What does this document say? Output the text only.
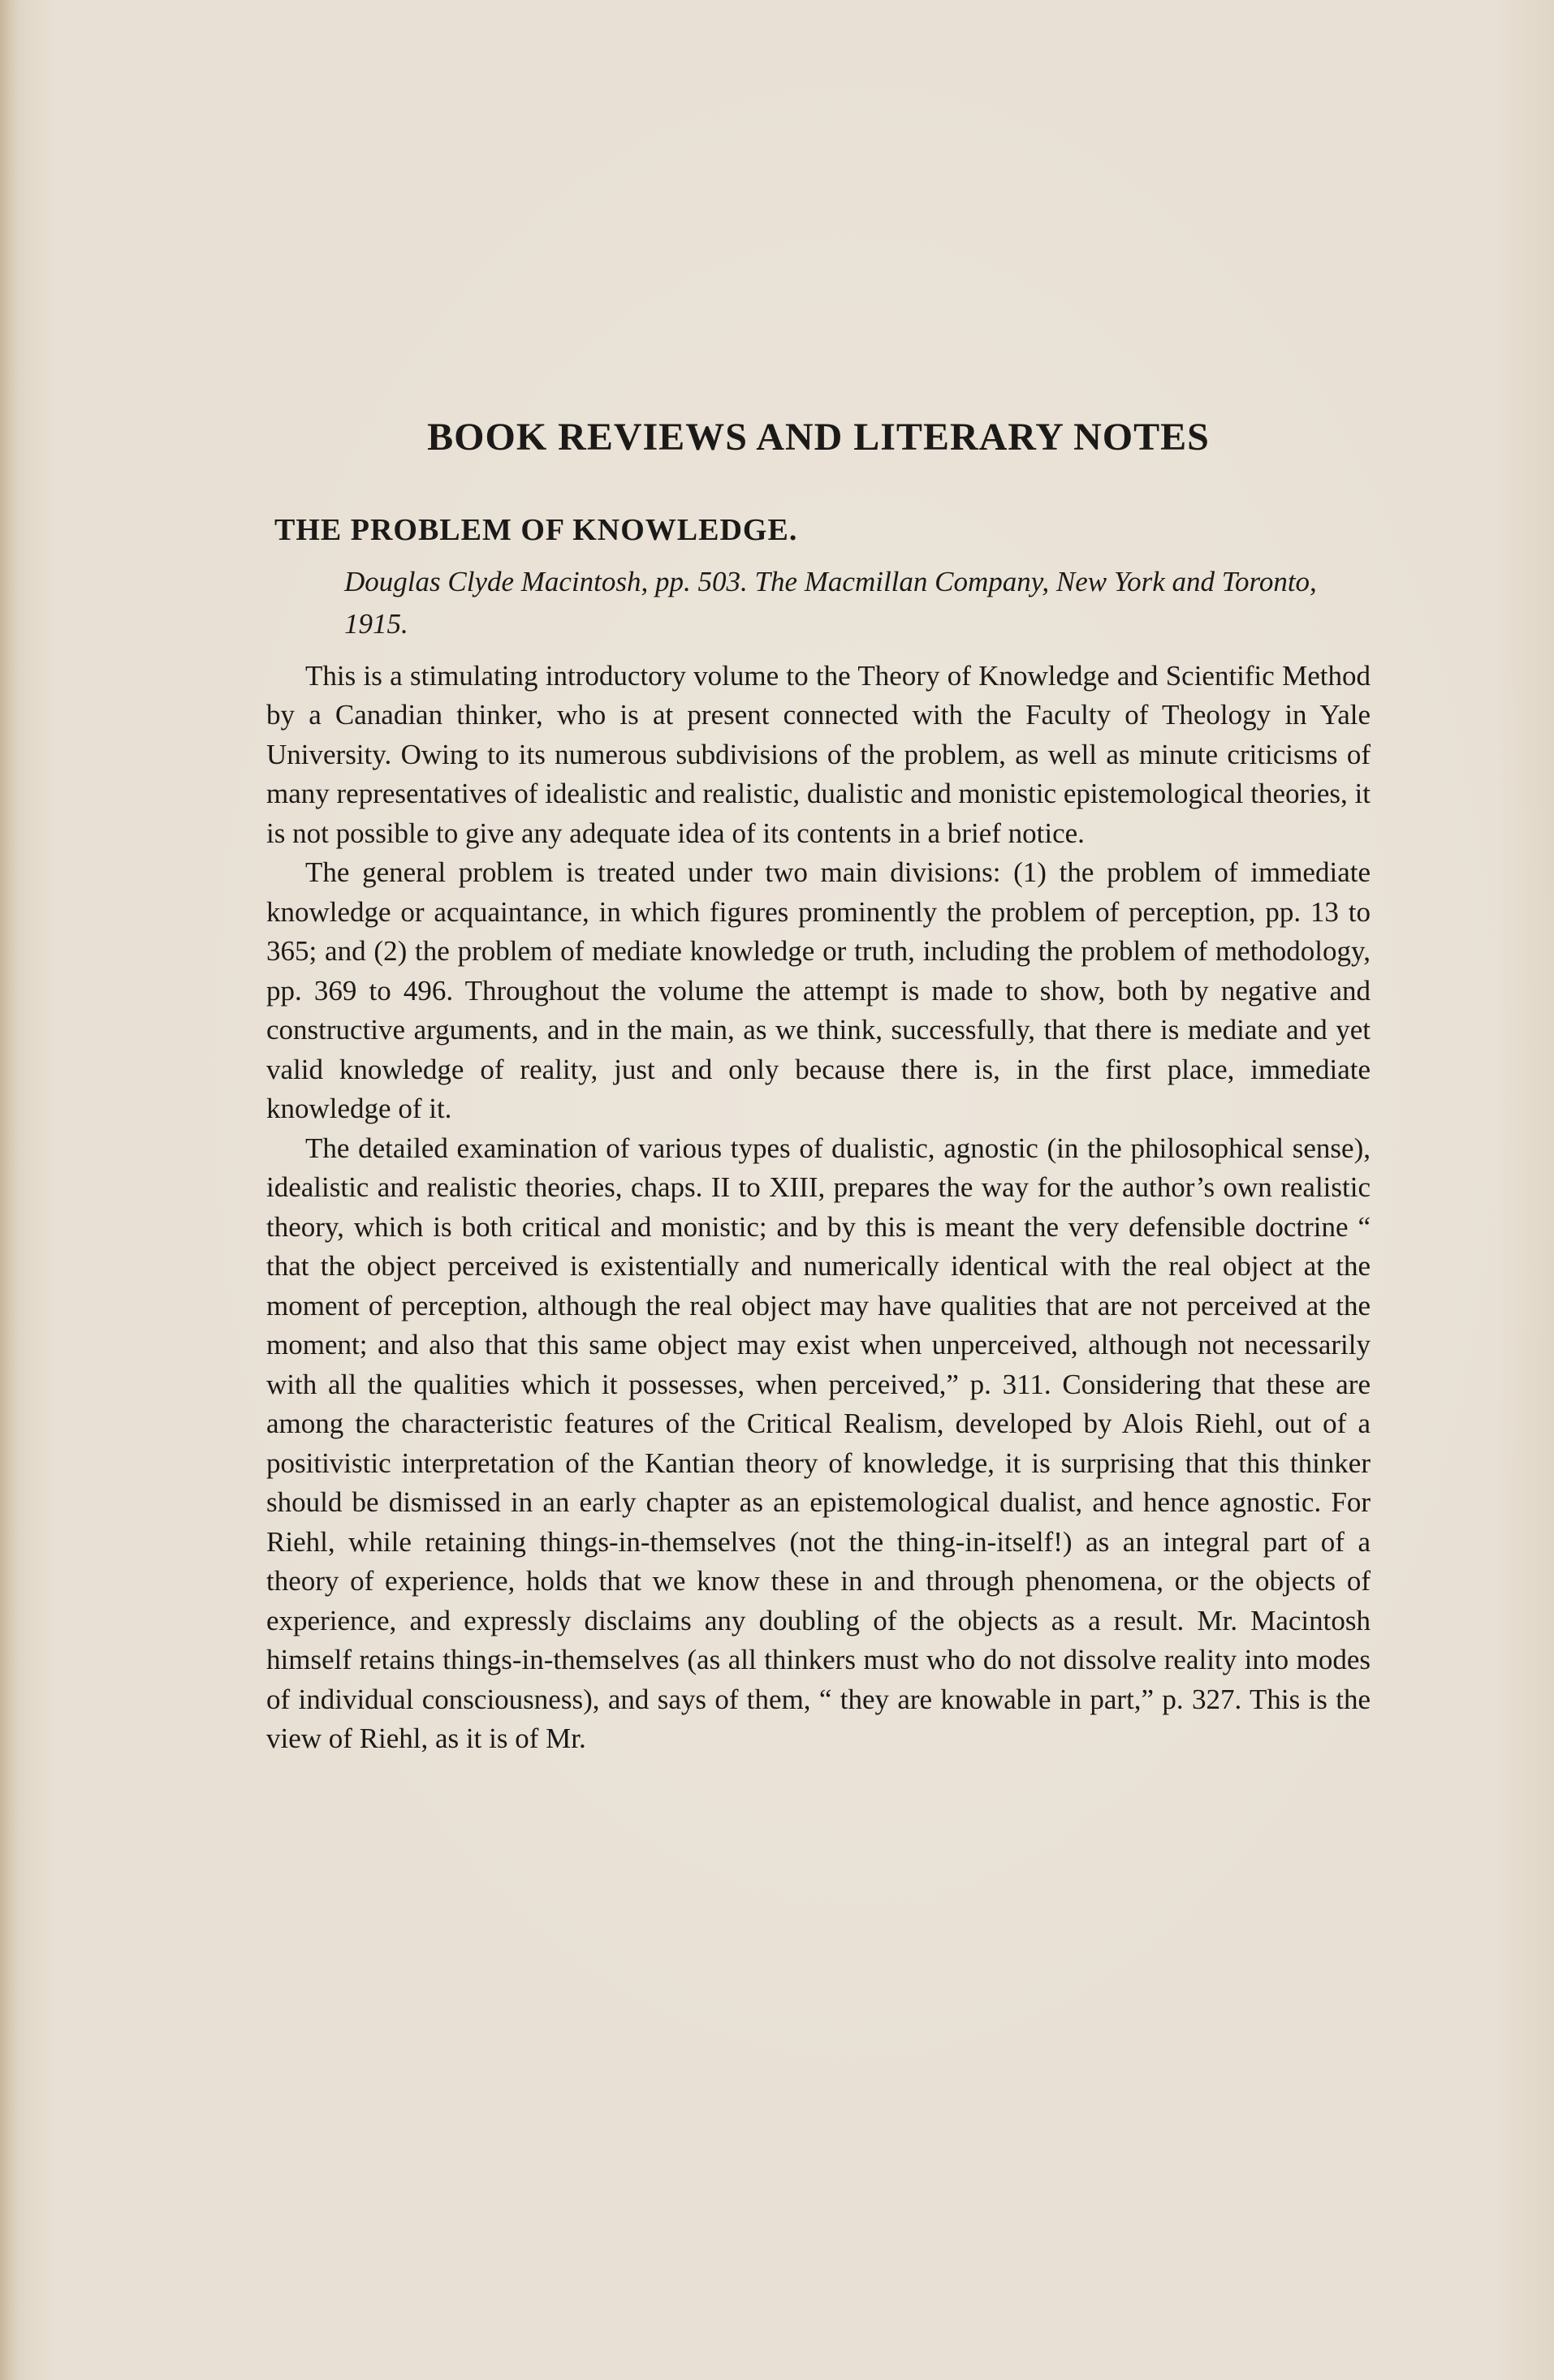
BOOK REVIEWS AND LITERARY NOTES
THE PROBLEM OF KNOWLEDGE.

Douglas Clyde Macintosh, pp. 503. The Macmillan Company, New York and Toronto, 1915.

This is a stimulating introductory volume to the Theory of Knowledge and Scientific Method by a Canadian thinker, who is at present connected with the Faculty of Theology in Yale University. Owing to its numerous subdivisions of the problem, as well as minute criticisms of many representatives of idealistic and realistic, dualistic and monistic epistemological theories, it is not possible to give any adequate idea of its contents in a brief notice.

The general problem is treated under two main divisions: (1) the problem of immediate knowledge or acquaintance, in which figures prominently the problem of perception, pp. 13 to 365; and (2) the problem of mediate knowledge or truth, including the problem of methodology, pp. 369 to 496. Throughout the volume the attempt is made to show, both by negative and constructive arguments, and in the main, as we think, successfully, that there is mediate and yet valid knowledge of reality, just and only because there is, in the first place, immediate knowledge of it.

The detailed examination of various types of dualistic, agnostic (in the philosophical sense), idealistic and realistic theories, chaps. II to XIII, prepares the way for the author’s own realistic theory, which is both critical and monistic; and by this is meant the very defensible doctrine “ that the object perceived is existentially and numerically identical with the real object at the moment of perception, although the real object may have qualities that are not perceived at the moment; and also that this same object may exist when unperceived, although not necessarily with all the qualities which it possesses, when perceived,” p. 311. Considering that these are among the characteristic features of the Critical Realism, developed by Alois Riehl, out of a positivistic interpretation of the Kantian theory of knowledge, it is surprising that this thinker should be dismissed in an early chapter as an epistemological dualist, and hence agnostic. For Riehl, while retaining things-in-themselves (not the thing-in-itself!) as an integral part of a theory of experience, holds that we know these in and through phenomena, or the objects of experience, and expressly disclaims any doubling of the objects as a result. Mr. Macintosh himself retains things-in-themselves (as all thinkers must who do not dissolve reality into modes of individual consciousness), and says of them, “ they are knowable in part,” p. 327. This is the view of Riehl, as it is of Mr.
